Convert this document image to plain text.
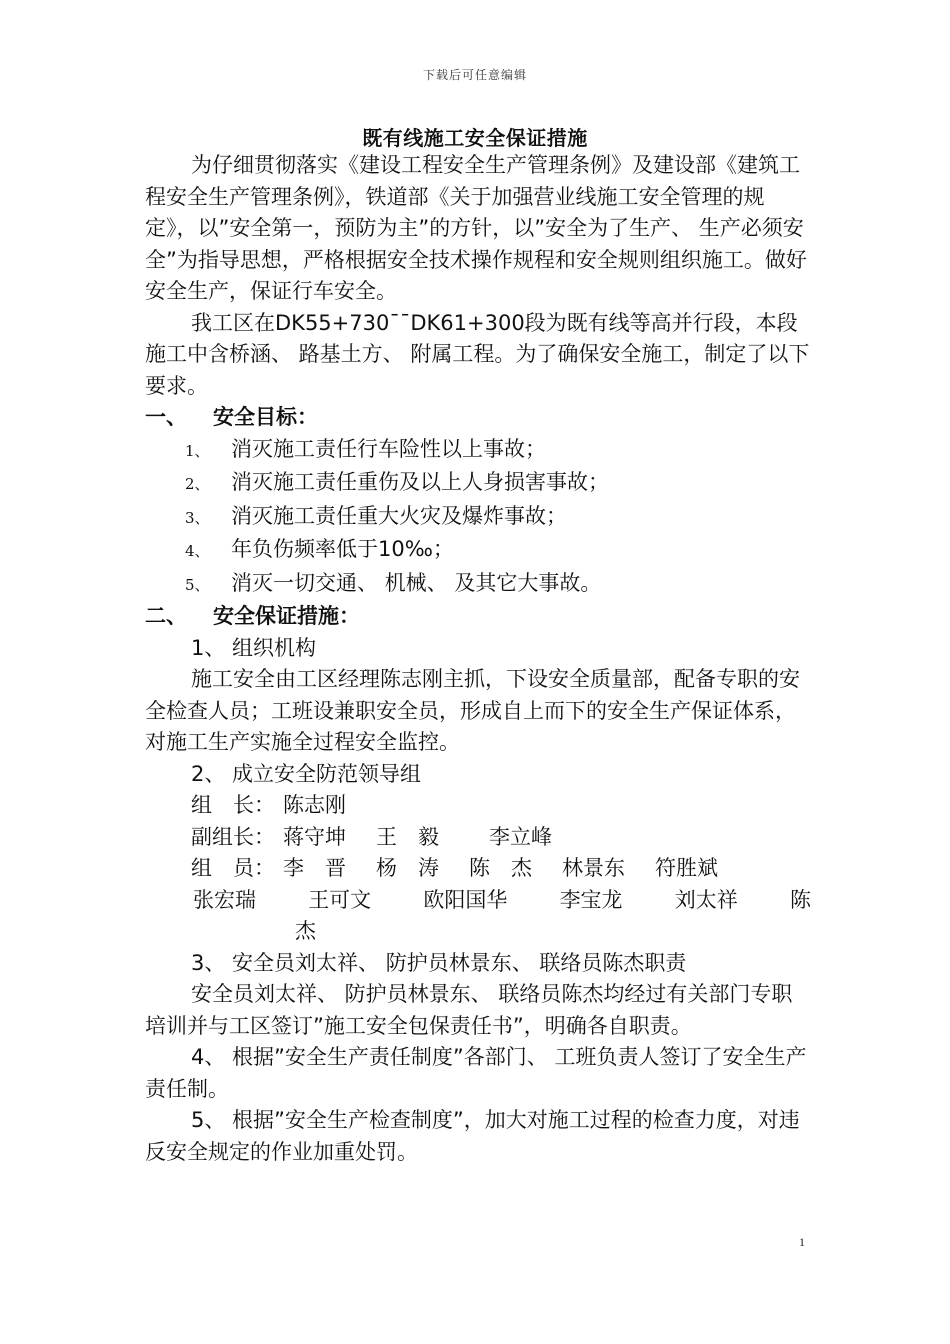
下载后可任意编辑
既有线施工安全保证措施

为仔细贯彻落实《建设工程安全生产管理条例》及建设部《建筑工程安全生产管理条例》，铁道部《关于加强营业线施工安全管理的规定》，以”安全第一，预防为主”的方针，以”安全为了生产、 生产必须安全”为指导思想，严格根据安全技术操作规程和安全规则组织施工。做好安全生产，保证行车安全。

我工区在DK55+730¯¯DK61+300段为既有线等高并行段，本段施工中含桥涵、 路基土方、 附属工程。为了确保安全施工，制定了以下要求。

一、 安全目标：

1、 消灭施工责任行车险性以上事故；

2、 消灭施工责任重伤及以上人身损害事故；

3、 消灭施工责任重大火灾及爆炸事故；

4、 年负伤频率低于10‰；

5、 消灭一切交通、 机械、 及其它大事故。

二、 安全保证措施：

1、 组织机构

施工安全由工区经理陈志刚主抓，下设安全质量部，配备专职的安全检查人员；工班设兼职安全员，形成自上而下的安全生产保证体系，对施工生产实施全过程安全监控。

2、 成立安全防范领导组

组　长： 陈志刚

副组长： 蒋守坤 王　毅 李立峰

组　员： 李　晋 杨　涛 陈　杰 林景东 符胜斌

张宏瑞 王可文 欧阳国华 李宝龙 刘太祥 陈

杰

3、 安全员刘太祥、 防护员林景东、 联络员陈杰职责

安全员刘太祥、 防护员林景东、 联络员陈杰均经过有关部门专职培训并与工区签订”施工安全包保责任书”，明确各自职责。

4、 根据”安全生产责任制度”各部门、 工班负责人签订了安全生产责任制。

5、 根据”安全生产检查制度”，加大对施工过程的检查力度，对违反安全规定的作业加重处罚。

1
